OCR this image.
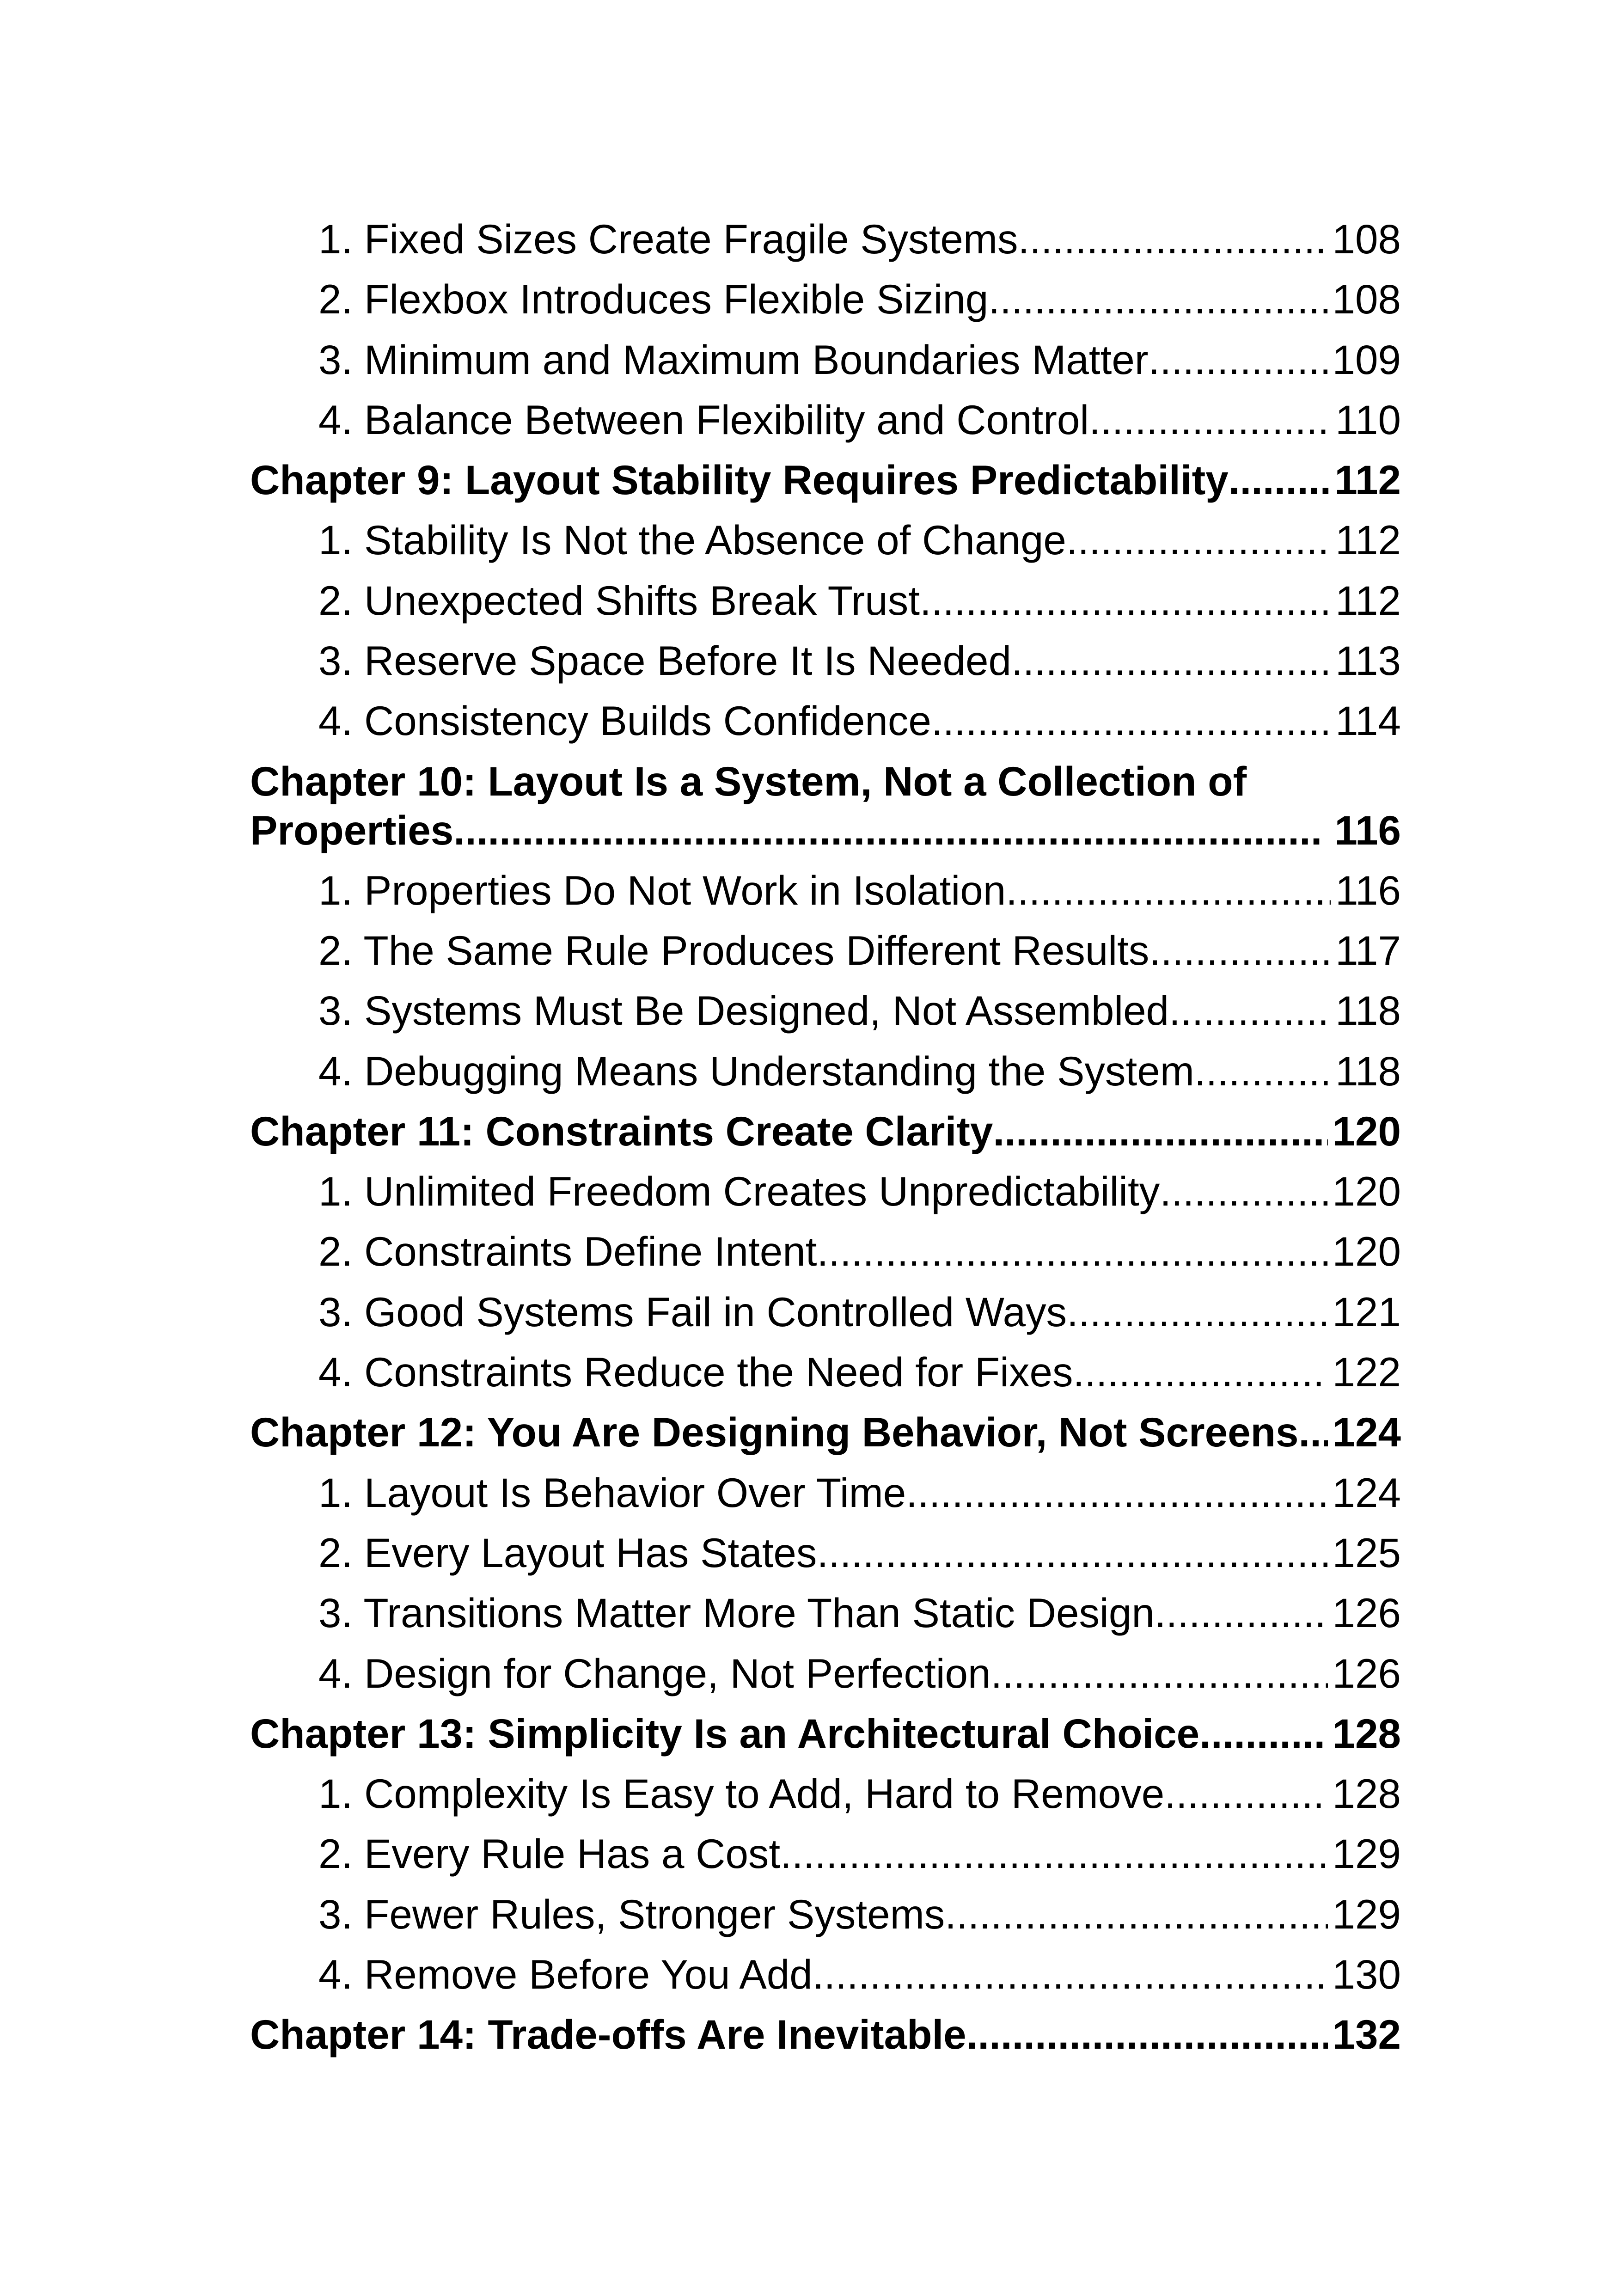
1. Fixed Sizes Create Fragile Systems .....	108
2. Flexbox Introduces Flexible Sizing .....	108
3. Minimum and Maximum Boundaries Matter .....	109
4. Balance Between Flexibility and Control .....	110
Chapter 9: Layout Stability Requires Predictability .....	112
1. Stability Is Not the Absence of Change .....	112
2. Unexpected Shifts Break Trust .....	112
3. Reserve Space Before It Is Needed .....	113
4. Consistency Builds Confidence .....	114
Chapter 10: Layout Is a System, Not a Collection of
Properties .....	116
1. Properties Do Not Work in Isolation .....	116
2. The Same Rule Produces Different Results .....	117
3. Systems Must Be Designed, Not Assembled .....	118
4. Debugging Means Understanding the System .....	118
Chapter 11: Constraints Create Clarity .....	120
1. Unlimited Freedom Creates Unpredictability .....	120
2. Constraints Define Intent .....	120
3. Good Systems Fail in Controlled Ways .....	121
4. Constraints Reduce the Need for Fixes .....	122
Chapter 12: You Are Designing Behavior, Not Screens ..... 124
1. Layout Is Behavior Over Time .....	124
2. Every Layout Has States .....	125
3. Transitions Matter More Than Static Design .....	126
4. Design for Change, Not Perfection .....	126
Chapter 13: Simplicity Is an Architectural Choice .....	128
1. Complexity Is Easy to Add, Hard to Remove .....	128
2. Every Rule Has a Cost .....	129
3. Fewer Rules, Stronger Systems .....	129
4. Remove Before You Add .....	130
Chapter 14: Trade-offs Are Inevitable .....	132
